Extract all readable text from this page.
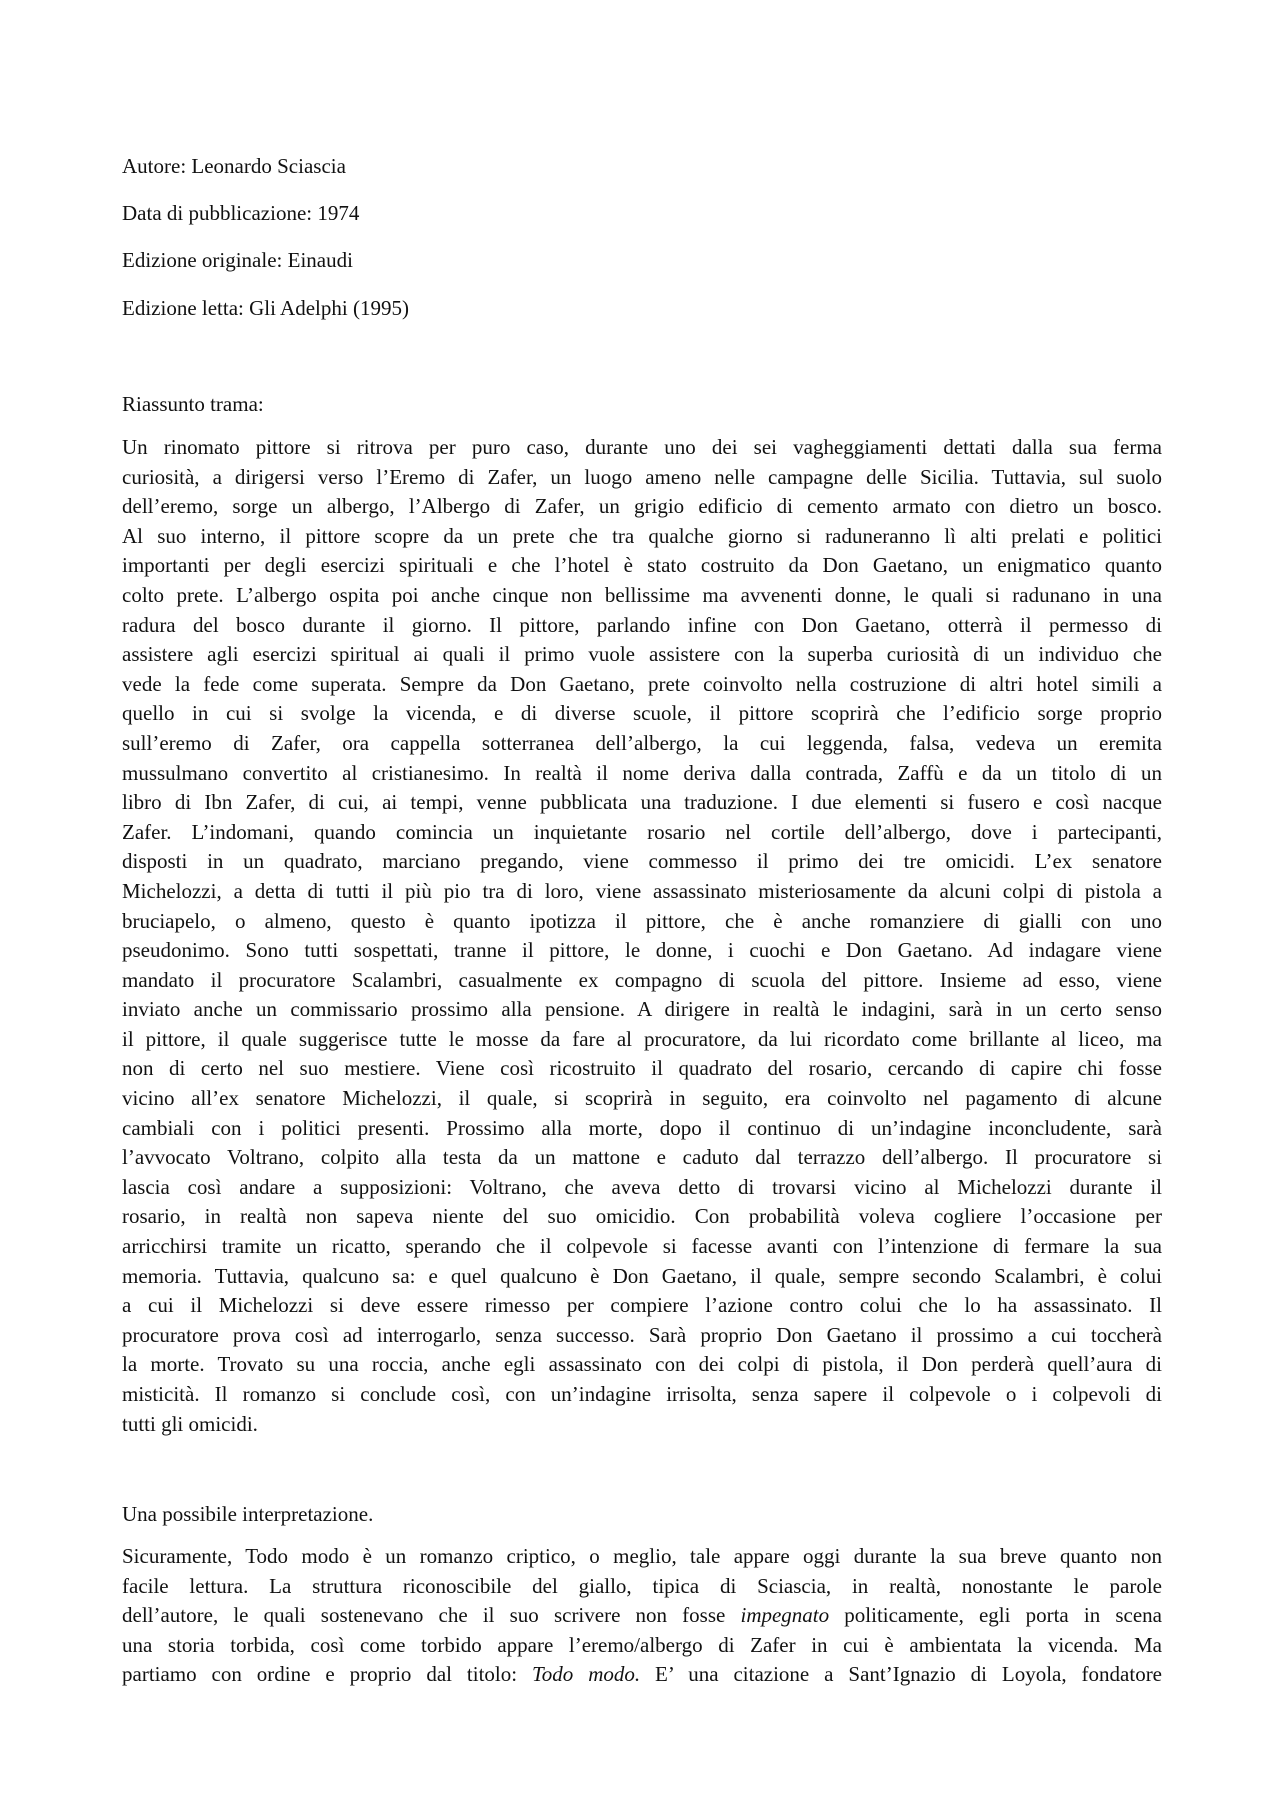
Autore: Leonardo Sciascia

Data di pubblicazione: 1974

Edizione originale: Einaudi

Edizione letta: Gli Adelphi (1995)

Riassunto trama:

Un rinomato pittore si ritrova per puro caso, durante uno dei sei vagheggiamenti dettati dalla sua ferma
curiosità, a dirigersi verso l’Eremo di Zafer, un luogo ameno nelle campagne delle Sicilia. Tuttavia, sul suolo
dell’eremo, sorge un albergo, l’Albergo di Zafer, un grigio edificio di cemento armato con dietro un bosco.
Al suo interno, il pittore scopre da un prete che tra qualche giorno si raduneranno lì alti prelati e politici
importanti per degli esercizi spirituali e che l’hotel è stato costruito da Don Gaetano, un enigmatico quanto
colto prete. L’albergo ospita poi anche cinque non bellissime ma avvenenti donne, le quali si radunano in una
radura del bosco durante il giorno. Il pittore, parlando infine con Don Gaetano, otterrà il permesso di
assistere agli esercizi spiritual ai quali il primo vuole assistere con la superba curiosità di un individuo che
vede la fede come superata. Sempre da Don Gaetano, prete coinvolto nella costruzione di altri hotel simili a
quello in cui si svolge la vicenda, e di diverse scuole, il pittore scoprirà che l’edificio sorge proprio
sull’eremo di Zafer, ora cappella sotterranea dell’albergo, la cui leggenda, falsa, vedeva un eremita
mussulmano convertito al cristianesimo. In realtà il nome deriva dalla contrada, Zaffù e da un titolo di un
libro di Ibn Zafer, di cui, ai tempi, venne pubblicata una traduzione. I due elementi si fusero e così nacque
Zafer. L’indomani, quando comincia un inquietante rosario nel cortile dell’albergo, dove i partecipanti,
disposti in un quadrato, marciano pregando, viene commesso il primo dei tre omicidi. L’ex senatore
Michelozzi, a detta di tutti il più pio tra di loro, viene assassinato misteriosamente da alcuni colpi di pistola a
bruciapelo, o almeno, questo è quanto ipotizza il pittore, che è anche romanziere di gialli con uno
pseudonimo. Sono tutti sospettati, tranne il pittore, le donne, i cuochi e Don Gaetano. Ad indagare viene
mandato il procuratore Scalambri, casualmente ex compagno di scuola del pittore. Insieme ad esso, viene
inviato anche un commissario prossimo alla pensione. A dirigere in realtà le indagini, sarà in un certo senso
il pittore, il quale suggerisce tutte le mosse da fare al procuratore, da lui ricordato come brillante al liceo, ma
non di certo nel suo mestiere. Viene così ricostruito il quadrato del rosario, cercando di capire chi fosse
vicino all’ex senatore Michelozzi, il quale, si scoprirà in seguito, era coinvolto nel pagamento di alcune
cambiali con i politici presenti. Prossimo alla morte, dopo il continuo di un’indagine inconcludente, sarà
l’avvocato Voltrano, colpito alla testa da un mattone e caduto dal terrazzo dell’albergo. Il procuratore si
lascia così andare a supposizioni: Voltrano, che aveva detto di trovarsi vicino al Michelozzi durante il
rosario, in realtà non sapeva niente del suo omicidio. Con probabilità voleva cogliere l’occasione per
arricchirsi tramite un ricatto, sperando che il colpevole si facesse avanti con l’intenzione di fermare la sua
memoria. Tuttavia, qualcuno sa: e quel qualcuno è Don Gaetano, il quale, sempre secondo Scalambri, è colui
a cui il Michelozzi si deve essere rimesso per compiere l’azione contro colui che lo ha assassinato. Il
procuratore prova così ad interrogarlo, senza successo. Sarà proprio Don Gaetano il prossimo a cui toccherà
la morte. Trovato su una roccia, anche egli assassinato con dei colpi di pistola, il Don perderà quell’aura di
misticità. Il romanzo si conclude così, con un’indagine irrisolta, senza sapere il colpevole o i colpevoli di
tutti gli omicidi.

Una possibile interpretazione.

Sicuramente, Todo modo è un romanzo criptico, o meglio, tale appare oggi durante la sua breve quanto non
facile lettura. La struttura riconoscibile del giallo, tipica di Sciascia, in realtà, nonostante le parole
dell’autore, le quali sostenevano che il suo scrivere non fosse impegnato politicamente, egli porta in scena
una storia torbida, così come torbido appare l’eremo/albergo di Zafer in cui è ambientata la vicenda. Ma
partiamo con ordine e proprio dal titolo: Todo modo. E’ una citazione a Sant’Ignazio di Loyola, fondatore
